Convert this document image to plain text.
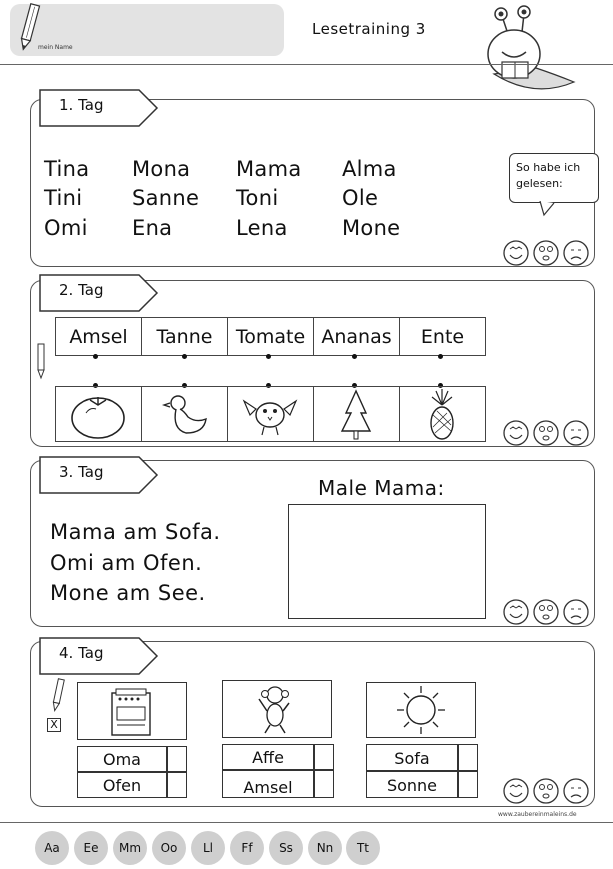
mein Name
Lesetraining 3
1. Tag
Tina Mona Mama Alma
Tini Sanne Toni	Ole
Omi Ena	Lena	Mone
So habe ich gelesen:
2. Tag
Amsel	Tanne	Tomate Ananas	Ente
3. Tag
Mama am Sofa.
Omi am Ofen.
Mone am See.
Male Mama:
4. Tag
X
Oma
Ofen
Affe
Amsel
Sofa
Sonne
www.zaubereinmaleins.de
Aa	Ee	Mm	Oo	Ll	Ff	Ss	Nn	Tt
